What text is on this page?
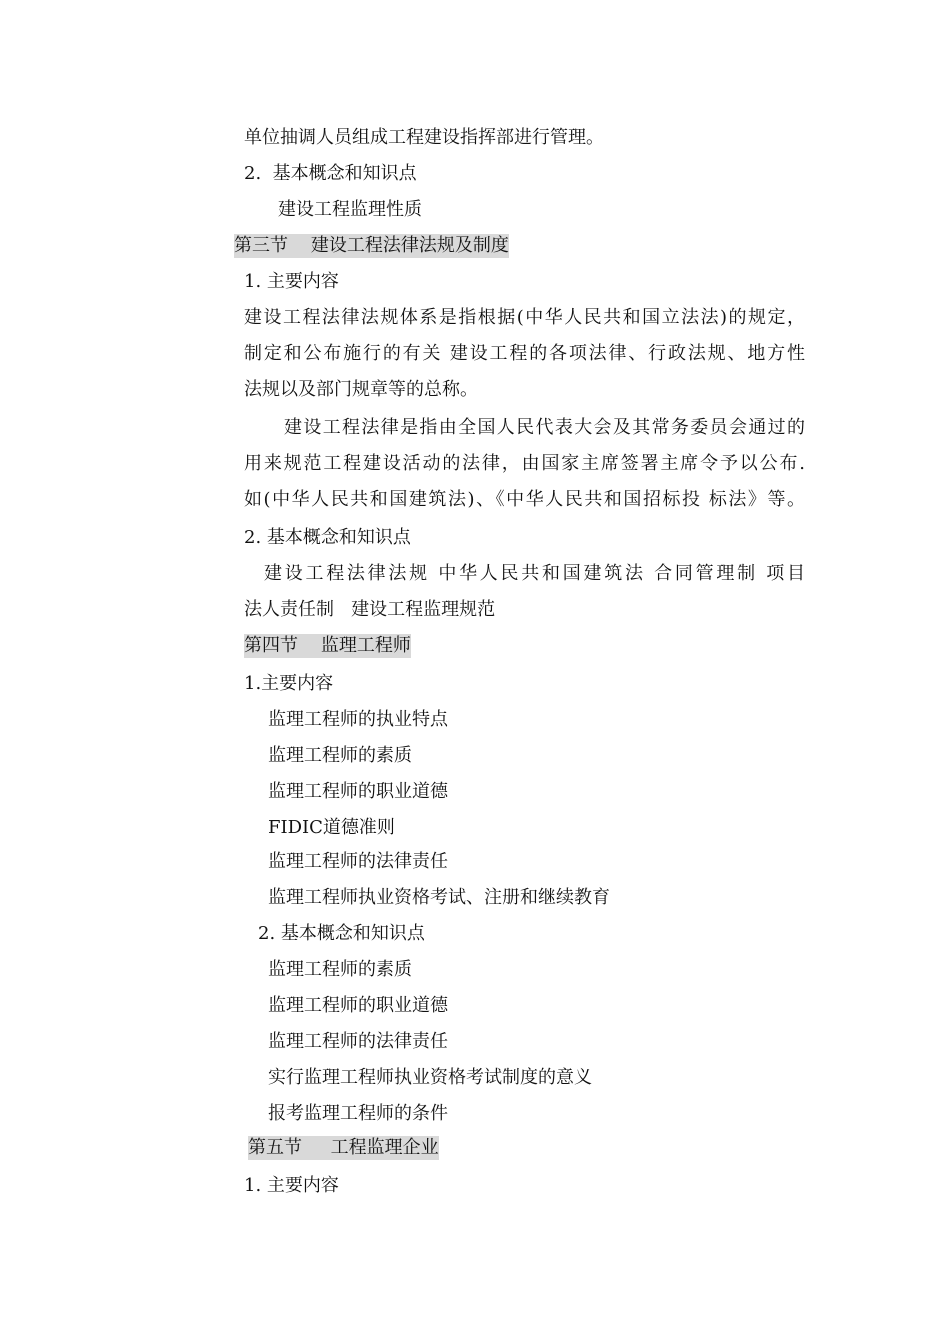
单位抽调人员组成工程建设指挥部进行管理。
2.  基本概念和知识点
建设工程监理性质
第三节    建设工程法律法规及制度
1. 主要内容
建设工程法律法规体系是指根据(中华人民共和国立法法)的规定，
制定和公布施行的有关 建设工程的各项法律、行政法规、地方性
法规以及部门规章等的总称。
建设工程法律是指由全国人民代表大会及其常务委员会通过的
用来规范工程建设活动的法律，由国家主席签署主席令予以公布.
如(中华人民共和国建筑法)、《中华人民共和国招标投 标法》等。
2. 基本概念和知识点
建设工程法律法规 中华人民共和国建筑法 合同管理制 项目
法人责任制   建设工程监理规范
第四节    监理工程师
1.主要内容
监理工程师的执业特点
监理工程师的素质
监理工程师的职业道德
FIDIC道德准则
监理工程师的法律责任
监理工程师执业资格考试、注册和继续教育
2. 基本概念和知识点
监理工程师的素质
监理工程师的职业道德
监理工程师的法律责任
实行监理工程师执业资格考试制度的意义
报考监理工程师的条件
第五节     工程监理企业
1. 主要内容
